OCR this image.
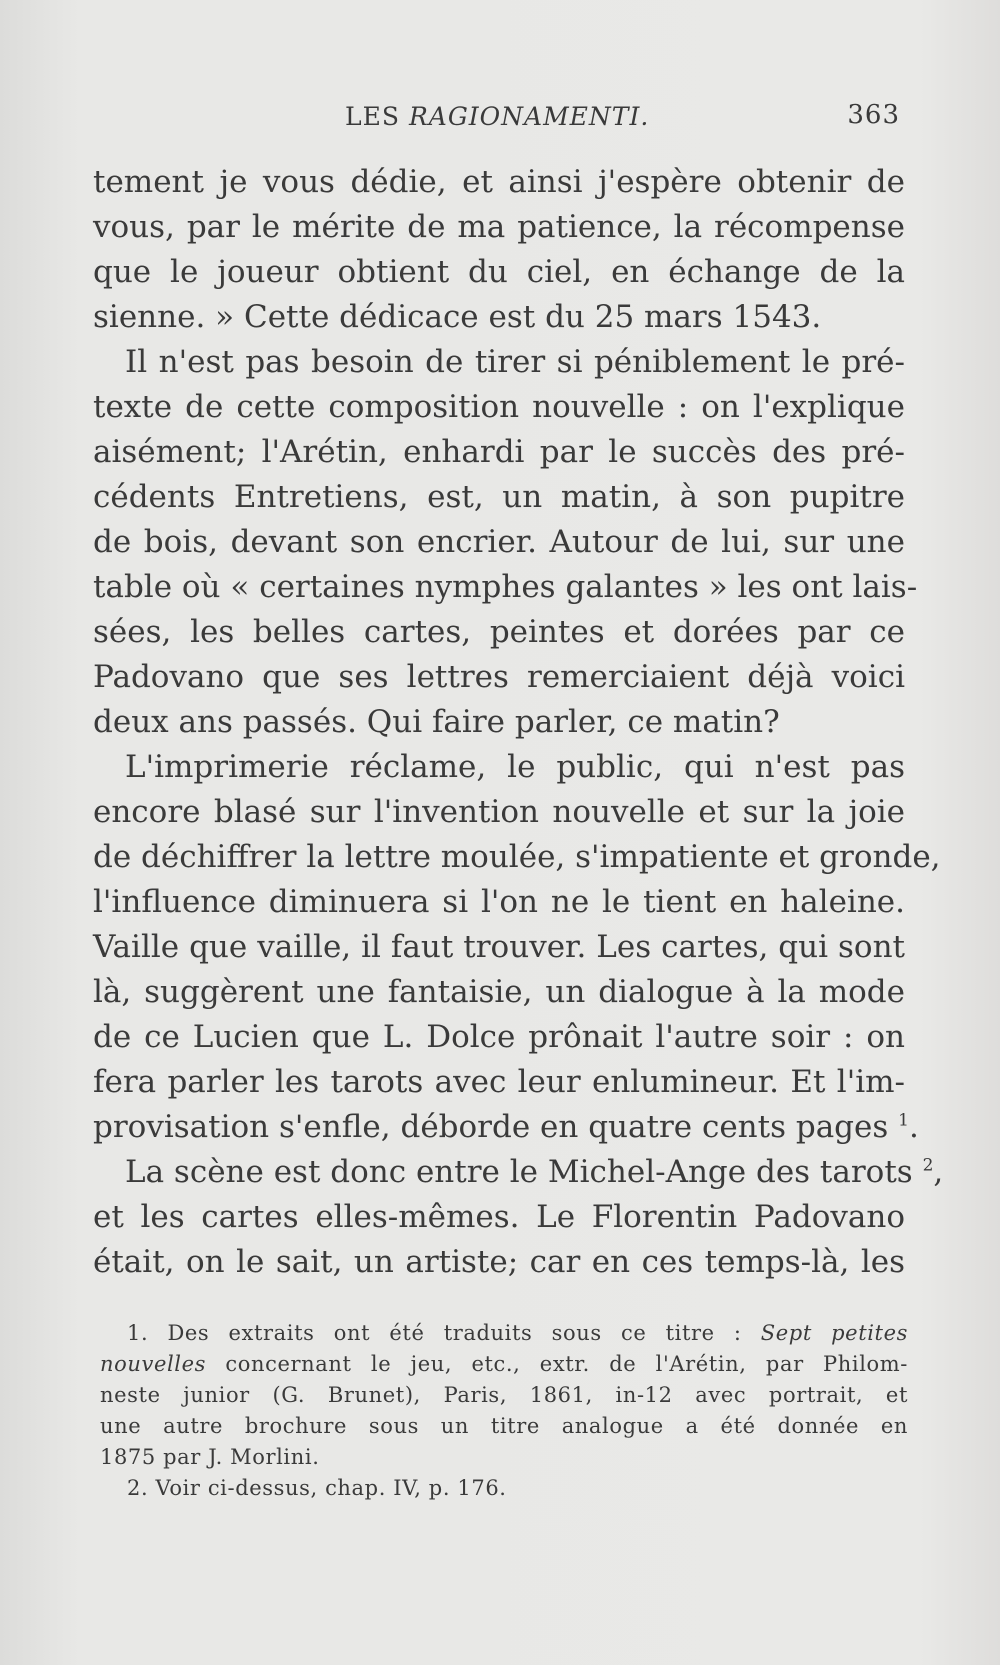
LES RAGIONAMENTI.	363
tement je vous dédie, et ainsi j'espère obtenir de
vous, par le mérite de ma patience, la récompense
que le joueur obtient du ciel, en échange de la
sienne. » Cette dédicace est du 25 mars 1543.
Il n'est pas besoin de tirer si péniblement le pré-
texte de cette composition nouvelle : on l'explique
aisément; l'Arétin, enhardi par le succès des pré-
cédents Entretiens, est, un matin, à son pupitre
de bois, devant son encrier. Autour de lui, sur une
table où « certaines nymphes galantes » les ont lais-
sées, les belles cartes, peintes et dorées par ce
Padovano que ses lettres remerciaient déjà voici
deux ans passés. Qui faire parler, ce matin?
L'imprimerie réclame, le public, qui n'est pas
encore blasé sur l'invention nouvelle et sur la joie
de déchiffrer la lettre moulée, s'impatiente et gronde,
l'influence diminuera si l'on ne le tient en haleine.
Vaille que vaille, il faut trouver. Les cartes, qui sont
là, suggèrent une fantaisie, un dialogue à la mode
de ce Lucien que L. Dolce prônait l'autre soir : on
fera parler les tarots avec leur enlumineur. Et l'im-
provisation s'enfle, déborde en quatre cents pages $^1$.
La scène est donc entre le Michel-Ange des tarots $^2$,
et les cartes elles-mêmes. Le Florentin Padovano
était, on le sait, un artiste; car en ces temps-là, les
1. Des extraits ont été traduits sous ce titre : Sept petites
nouvelles concernant le jeu, etc., extr. de l'Arétin, par Philom-
neste junior (G. Brunet), Paris, 1861, in-12 avec portrait, et
une autre brochure sous un titre analogue a été donnée en
1875 par J. Morlini.
2. Voir ci-dessus, chap. IV, p. 176.
